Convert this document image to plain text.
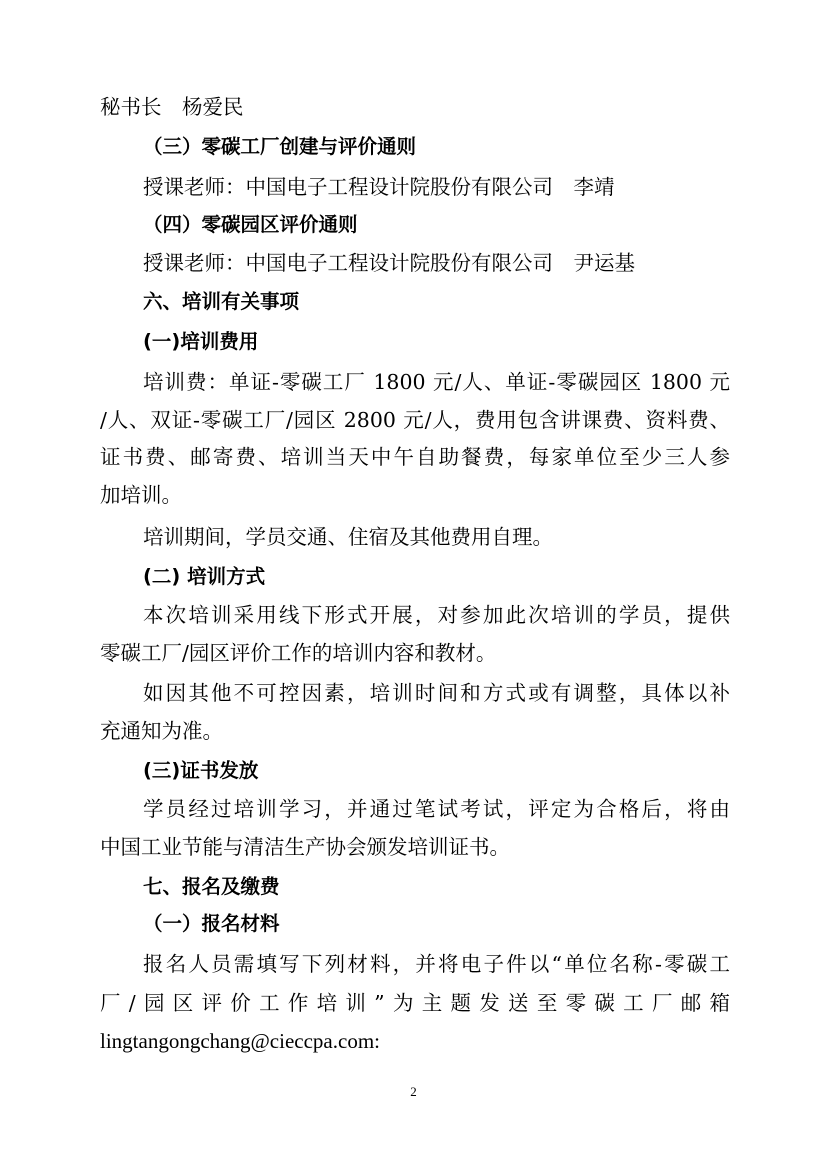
秘书长　杨爱民
（三）零碳工厂创建与评价通则
授课老师：中国电子工程设计院股份有限公司　李靖
（四）零碳园区评价通则
授课老师：中国电子工程设计院股份有限公司　尹运基
六、培训有关事项
(一)培训费用
培训费：单证-零碳工厂 1800 元/人、单证-零碳园区 1800 元
/人、双证-零碳工厂/园区 2800 元/人，费用包含讲课费、资料费、
证书费、邮寄费、培训当天中午自助餐费，每家单位至少三人参
加培训。
培训期间，学员交通、住宿及其他费用自理。
(二) 培训方式
本次培训采用线下形式开展，对参加此次培训的学员，提供
零碳工厂/园区评价工作的培训内容和教材。
如因其他不可控因素，培训时间和方式或有调整，具体以补
充通知为准。
(三)证书发放
学员经过培训学习，并通过笔试考试，评定为合格后，将由
中国工业节能与清洁生产协会颁发培训证书。
七、报名及缴费
（一）报名材料
报名人员需填写下列材料，并将电子件以“单位名称-零碳工
厂/园区评价工作培训”为主题发送至零碳工厂邮箱
lingtangongchang@cieccpa.com:
2
